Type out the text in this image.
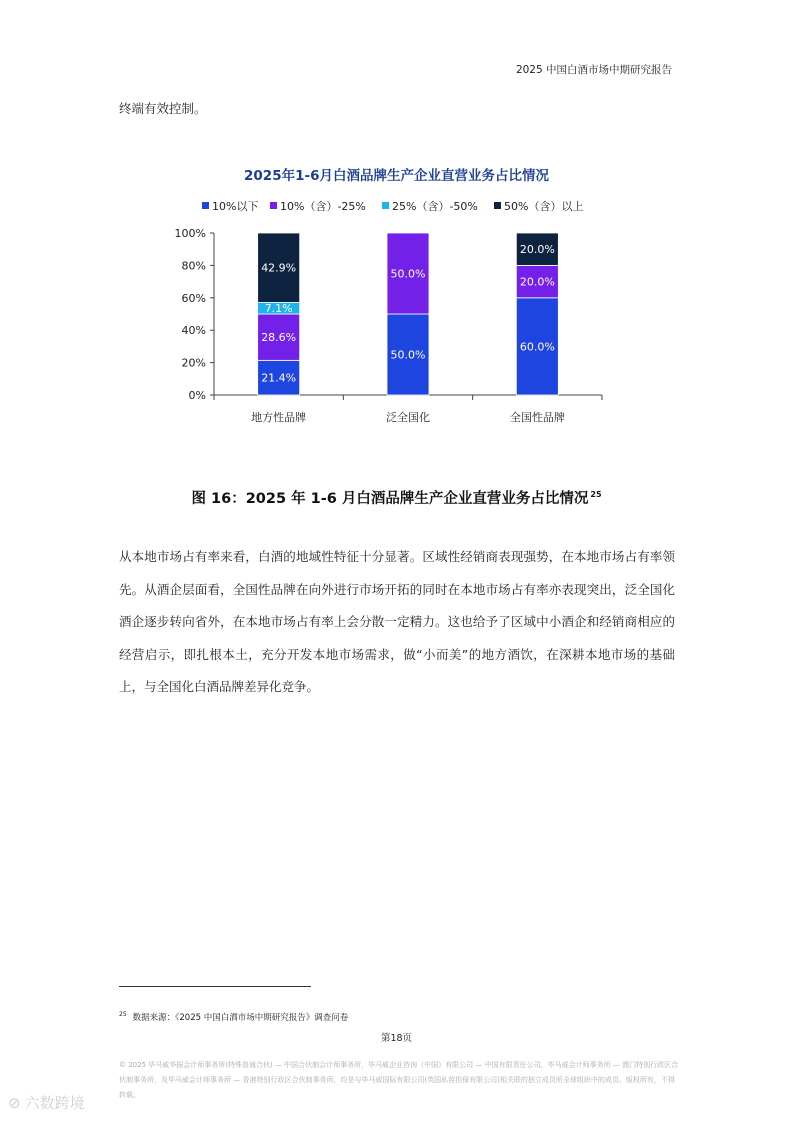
2025 中国白酒市场中期研究报告
终端有效控制。
2025年1-6月白酒品牌生产企业直营业务占比情况
10%以下 10%（含）-25% 25%（含）-50% 50%（含）以上
0%
20%
40%
60%
80%
100%
21.4%
28.6%
7.1%
42.9%
地方性品牌
50.0%
50.0%
泛全国化
60.0%
20.0%
20.0%
全国性品牌
图 16：2025 年 1-6 月白酒品牌生产企业直营业务占比情况 $^{25}$
从本地市场占有率来看，白酒的地域性特征十分显著。区域性经销商表现强势，在本地市场占有率领先。从酒企层面看，全国性品牌在向外进行市场开拓的同时在本地市场占有率亦表现突出，泛全国化酒企逐步转向省外，在本地市场占有率上会分散一定精力。这也给予了区域中小酒企和经销商相应的经营启示，即扎根本土，充分开发本地市场需求，做“小而美”的地方酒饮，在深耕本地市场的基础上，与全国化白酒品牌差异化竞争。
$^{25}$ 数据来源：《2025 中国白酒市场中期研究报告》调查问卷
第18页
© 2025 毕马威华振会计师事务所(特殊普通合伙) — 中国合伙制会计师事务所，毕马威企业咨询（中国）有限公司 — 中国有限责任公司，毕马威会计师事务所 — 澳门特别行政区合伙制事务所，及毕马威会计师事务所 — 香港特别行政区合伙制事务所，均是与毕马威国际有限公司(英国私营担保有限公司)相关联的独立成员所全球组织中的成员。版权所有，不得转载。
⊘ 六数跨境
